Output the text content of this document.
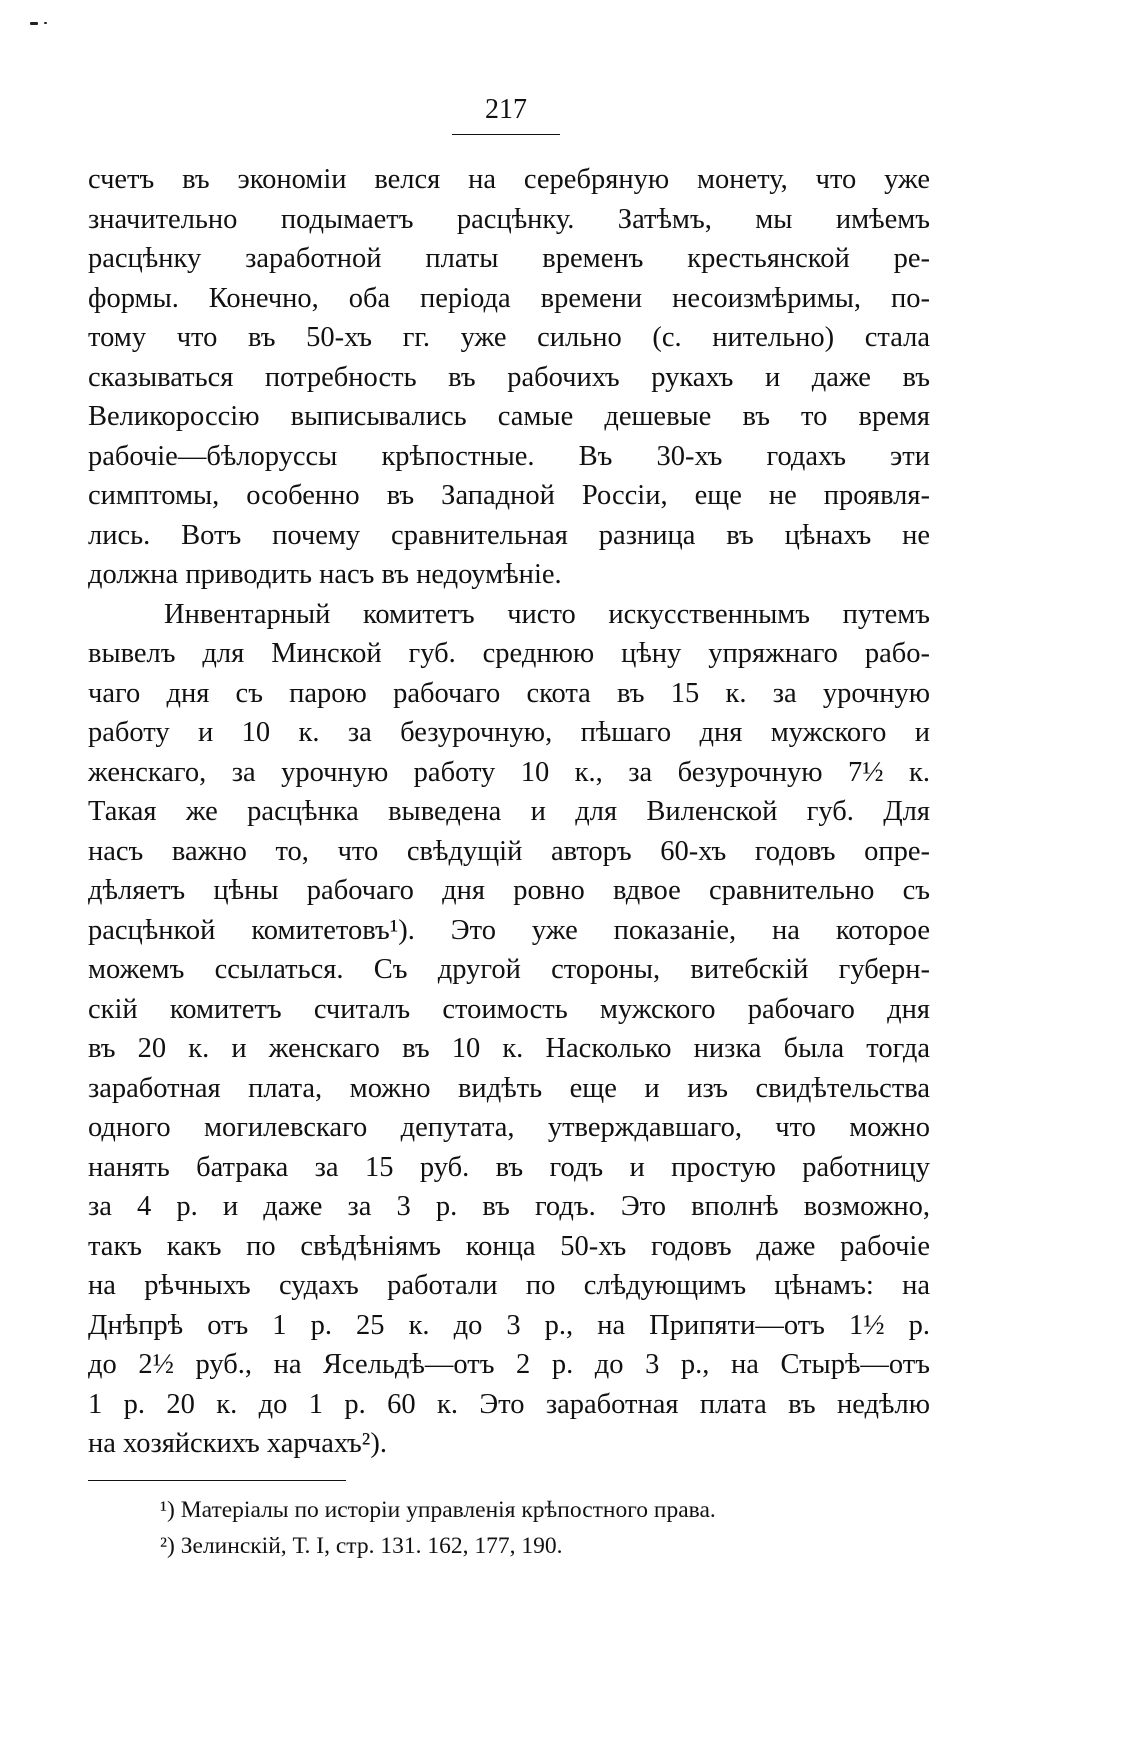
217
счетъ въ экономіи велся на серебряную монету, что уже
значительно подымаетъ расцѣнку. Затѣмъ, мы имѣемъ
расцѣнку заработной платы временъ крестьянской ре-
формы. Конечно, оба періода времени несоизмѣримы, по-
тому что въ 50-хъ гг. уже сильно (с. нительно) стала
сказываться потребность въ рабочихъ рукахъ и даже въ
Великороссію выписывались самые дешевые въ то время
рабочіе—бѣлоруссы крѣпостные. Въ 30-хъ годахъ эти
симптомы, особенно въ Западной Россіи, еще не проявля-
лись. Вотъ почему сравнительная разница въ цѣнахъ не
должна приводить насъ въ недоумѣніе.
Инвентарный комитетъ чисто искусственнымъ путемъ
вывелъ для Минской губ. среднюю цѣну упряжнаго рабо-
чаго дня съ парою рабочаго скота въ 15 к. за урочную
работу и 10 к. за безурочную, пѣшаго дня мужского и
женскаго, за урочную работу 10 к., за безурочную 7½ к.
Такая же расцѣнка выведена и для Виленской губ. Для
насъ важно то, что свѣдущій авторъ 60-хъ годовъ опре-
дѣляетъ цѣны рабочаго дня ровно вдвое сравнительно съ
расцѣнкой комитетовъ¹). Это уже показаніе, на которое
можемъ ссылаться. Съ другой стороны, витебскій губерн-
скій комитетъ считалъ стоимость мужского рабочаго дня
въ 20 к. и женскаго въ 10 к. Насколько низка была тогда
заработная плата, можно видѣть еще и изъ свидѣтельства
одного могилевскаго депутата, утверждавшаго, что можно
нанять батрака за 15 руб. въ годъ и простую работницу
за 4 р. и даже за 3 р. въ годъ. Это вполнѣ возможно,
такъ какъ по свѣдѣніямъ конца 50-хъ годовъ даже рабочіе
на рѣчныхъ судахъ работали по слѣдующимъ цѣнамъ: на
Днѣпрѣ отъ 1 р. 25 к. до 3 р., на Припяти—отъ 1½ р.
до 2½ руб., на Ясельдѣ—отъ 2 р. до 3 р., на Стырѣ—отъ
1 р. 20 к. до 1 р. 60 к. Это заработная плата въ недѣлю
на хозяйскихъ харчахъ²).
¹) Матеріалы по исторіи управленія крѣпостного права.
²) Зелинскій, Т. І, стр. 131. 162, 177, 190.
